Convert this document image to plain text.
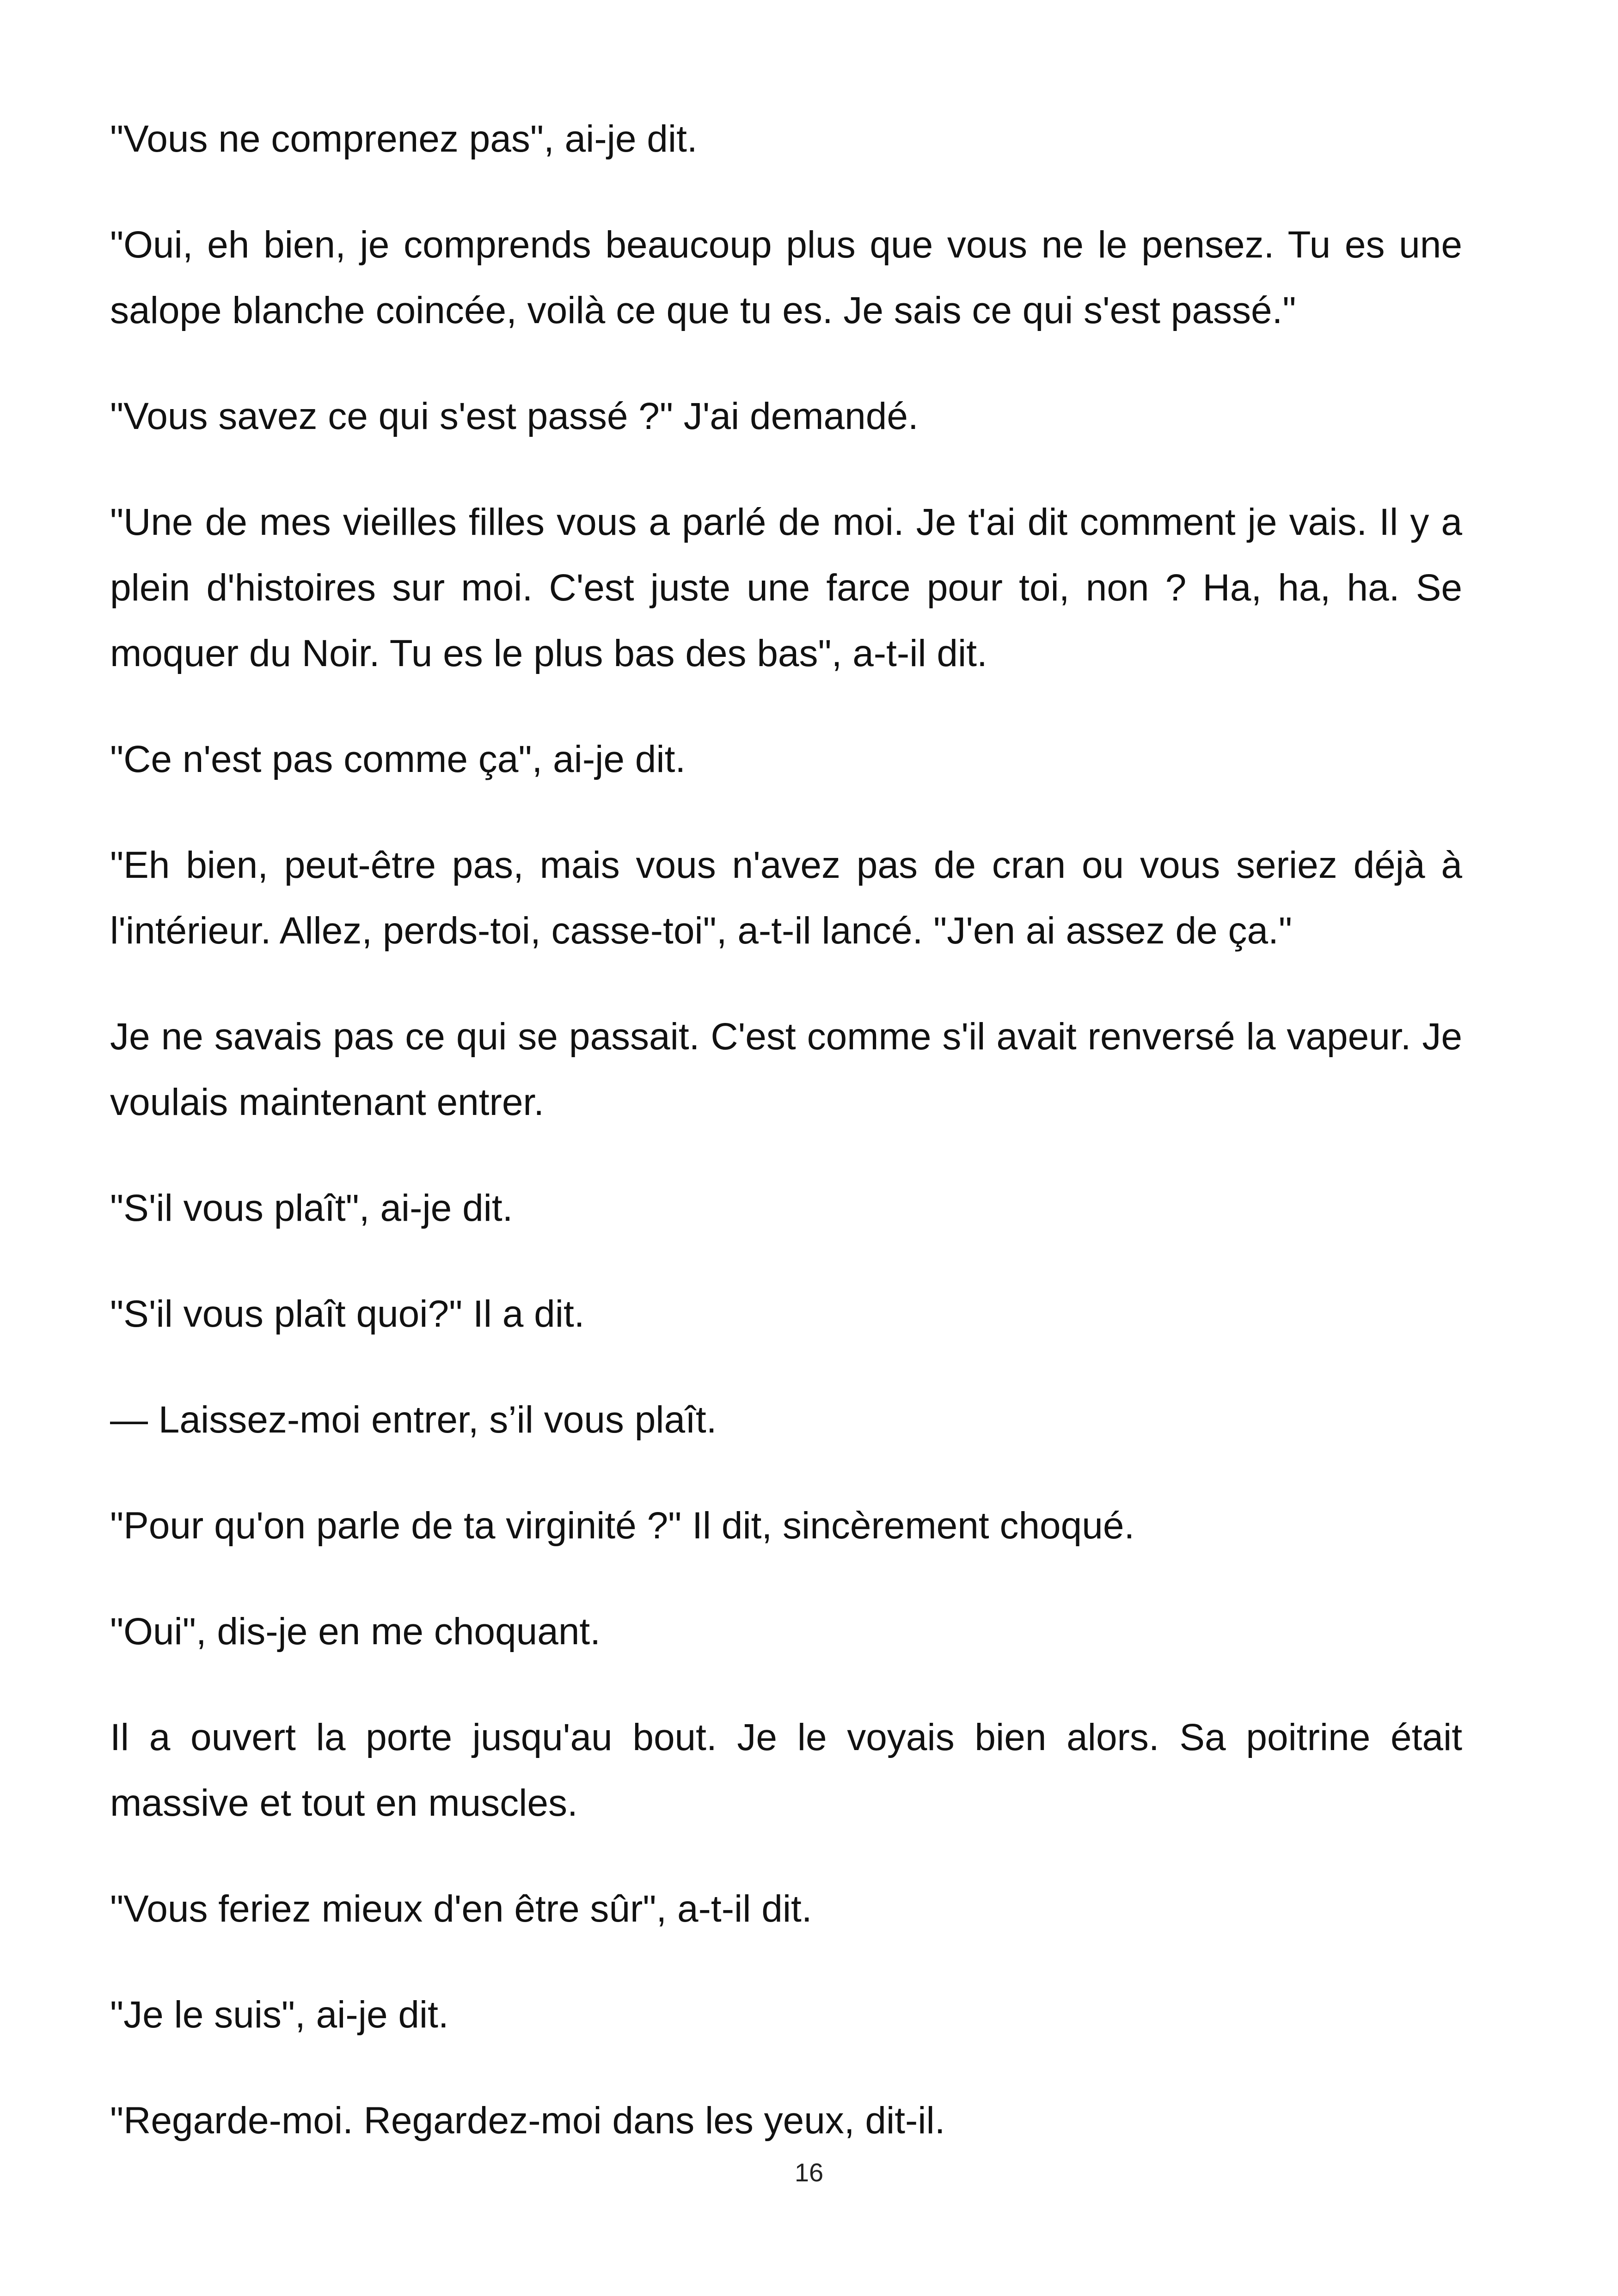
"Vous ne comprenez pas", ai-je dit.

"Oui, eh bien, je comprends beaucoup plus que vous ne le pensez. Tu es une salope blanche coincée, voilà ce que tu es. Je sais ce qui s'est passé."

"Vous savez ce qui s'est passé ?" J'ai demandé.

"Une de mes vieilles filles vous a parlé de moi. Je t'ai dit comment je vais. Il y a plein d'histoires sur moi. C'est juste une farce pour toi, non ? Ha, ha, ha. Se moquer du Noir. Tu es le plus bas des bas", a-t-il dit.

"Ce n'est pas comme ça", ai-je dit.

"Eh bien, peut-être pas, mais vous n'avez pas de cran ou vous seriez déjà à l'intérieur. Allez, perds-toi, casse-toi", a-t-il lancé. "J'en ai assez de ça."

Je ne savais pas ce qui se passait. C'est comme s'il avait renversé la vapeur. Je voulais maintenant entrer.

"S'il vous plaît", ai-je dit.

"S'il vous plaît quoi?" Il a dit.

— Laissez-moi entrer, s’il vous plaît.

"Pour qu'on parle de ta virginité ?" Il dit, sincèrement choqué.

"Oui", dis-je en me choquant.

Il a ouvert la porte jusqu'au bout. Je le voyais bien alors. Sa poitrine était massive et tout en muscles.

"Vous feriez mieux d'en être sûr", a-t-il dit.

"Je le suis", ai-je dit.

"Regarde-moi. Regardez-moi dans les yeux, dit-il.

16
